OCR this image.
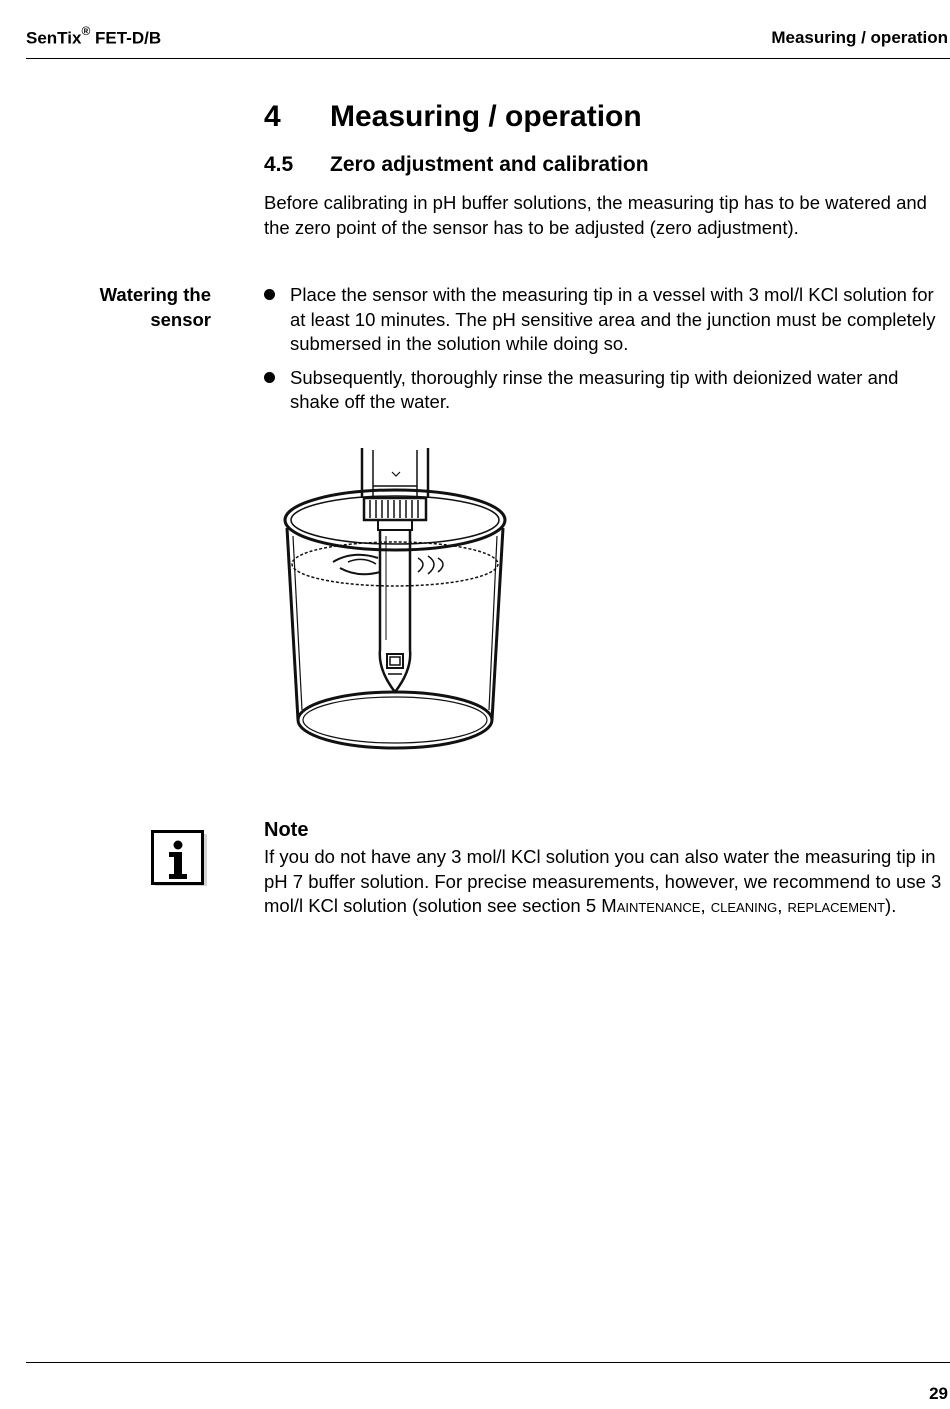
SenTix® FET-D/B	Measuring / operation
4 Measuring / operation
4.5 Zero adjustment and calibration
Before calibrating in pH buffer solutions, the measuring tip has to be watered and the zero point of the sensor has to be adjusted (zero adjustment).
Watering the
sensor
Place the sensor with the measuring tip in a vessel with 3 mol/l KCl solution for at least 10 minutes. The pH sensitive area and the junction must be completely submersed in the solution while doing so.
Subsequently, thoroughly rinse the measuring tip with deionized water and shake off the water.
Note
If you do not have any 3 mol/l KCl solution you can also water the measuring tip in pH 7 buffer solution. For precise measurements, however, we recommend to use 3 mol/l KCl solution (solution see section 5 Maintenance, cleaning, replacement).
29
